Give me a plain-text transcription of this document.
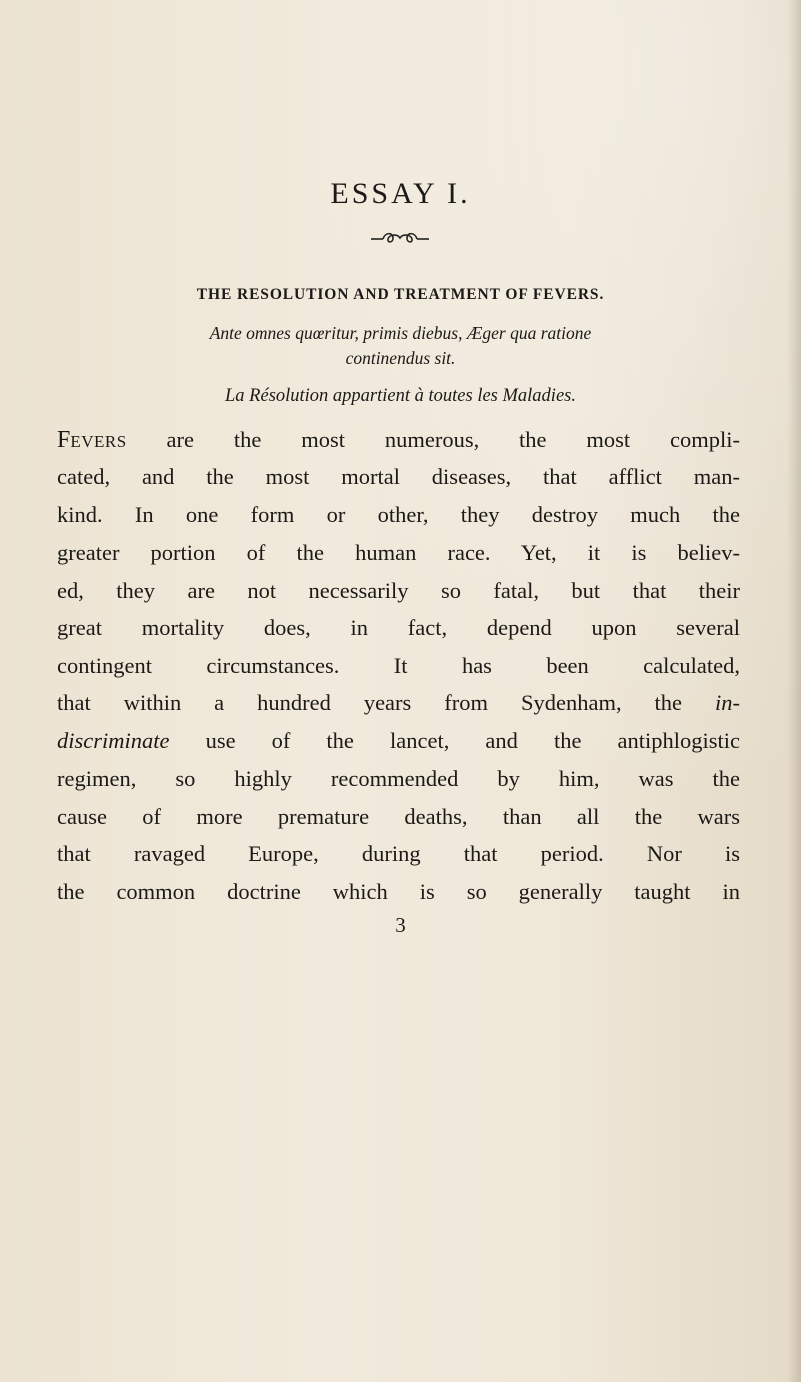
ESSAY I.
THE RESOLUTION AND TREATMENT OF FEVERS.
Ante omnes quœritur, primis diebus, Æger qua ratione
continendus sit.
La Résolution appartient à toutes les Maladies.
FEVERS are the most numerous, the most compli-
cated, and the most mortal diseases, that afflict man-
kind. In one form or other, they destroy much the
greater portion of the human race. Yet, it is believ-
ed, they are not necessarily so fatal, but that their
great mortality does, in fact, depend upon several
contingent circumstances. It has been calculated,
that within a hundred years from Sydenham, the in-
discriminate use of the lancet, and the antiphlogistic
regimen, so highly recommended by him, was the
cause of more premature deaths, than all the wars
that ravaged Europe, during that period. Nor is
the common doctrine which is so generally taught in
3
